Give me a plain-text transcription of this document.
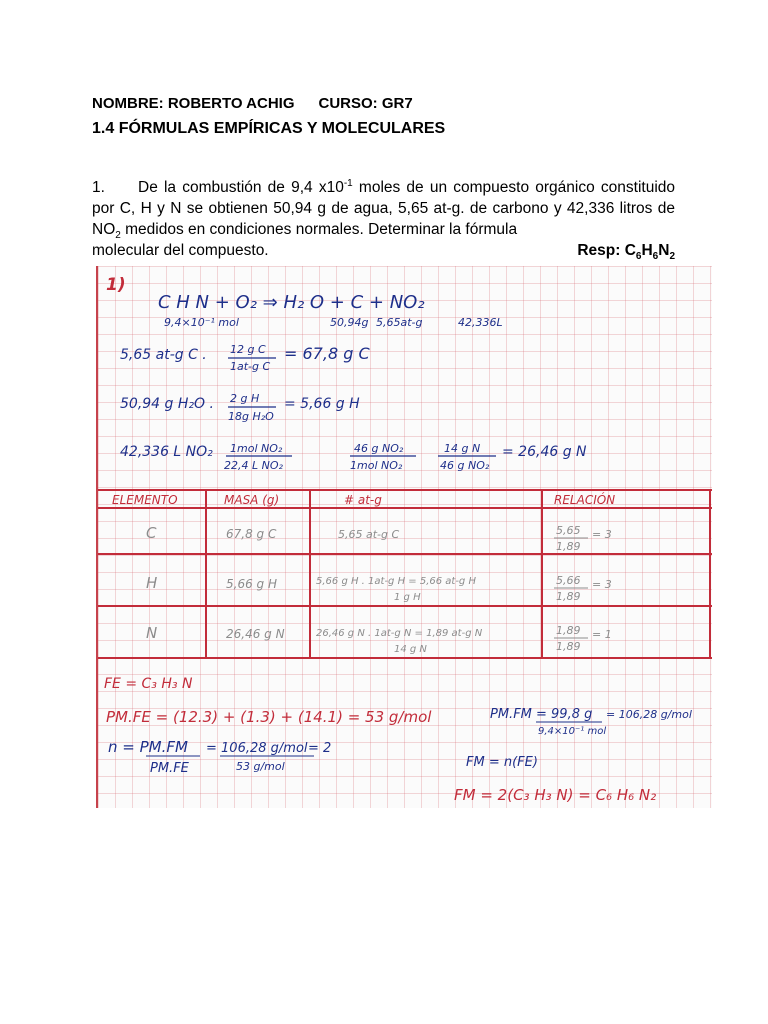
NOMBRE: ROBERTO ACHIG CURSO: GR7
1.4 FÓRMULAS EMPÍRICAS Y MOLECULARES
1. De la combustión de 9,4 $x10^{-1}$ moles de un compuesto orgánico constituido por C, H y N se obtienen 50,94 g de agua, 5,65 at-g. de carbono y 42,336 litros de $NO_2$ medidos en condiciones normales. Determinar la fórmula
molecular del compuesto.	Resp: $C_6H_6N_2$
1)
C H N + O₂ ⇒ H₂ O + C + NO₂
9,4×10⁻¹ mol	50,94g 5,65at-g	42,336L
5,65 at-g C . 12 g C
1at-g C
= 67,8 g C
50,94 g H₂O . 2 g H
18g H₂O
= 5,66 g H
42,336 L NO₂ 1mol NO₂
22,4 L NO₂
46 g NO₂
1mol NO₂
14 g N
46 g NO₂
= 26,46 g N
ELEMENTO	MASA (g)	# at-g	RELACIÓN
C	67,8 g C	5,65 at-g C	5,65
1,89
= 3
H	5,66 g H	5,66 g H . 1at-g H = 5,66 at-g H
1 g H
5,66
1,89
= 3
N	26,46 g N	26,46 g N . 1at-g N = 1,89 at-g N
14 g N
1,89
1,89
= 1
FE = C₃ H₃ N
PM.FE = (12.3) + (1.3) + (14.1) = 53 g/mol	PM.FM = 99,8 g
9,4×10⁻¹ mol
= 106,28 g/mol
n = PM.FM
PM.FE
= 106,28 g/mol
53 g/mol
= 2
FM = n(FE)
FM = 2(C₃ H₃ N) = C₆ H₆ N₂
